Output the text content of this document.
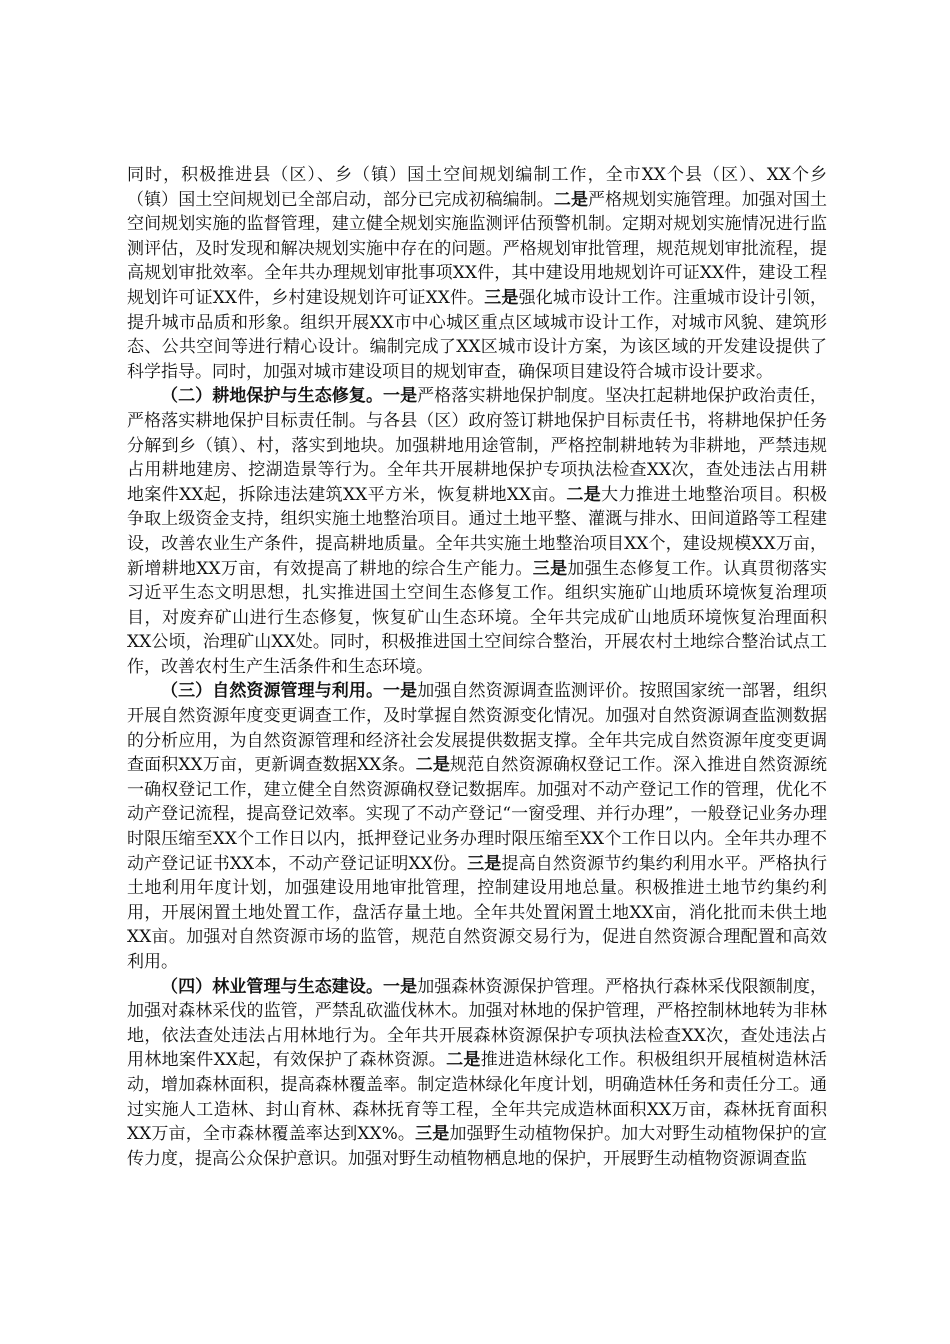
同时，积极推进县（区）、乡（镇）国土空间规划编制工作，全市XX个县（区）、XX个乡（镇）国土空间规划已全部启动，部分已完成初稿编制。二是严格规划实施管理。加强对国土空间规划实施的监督管理，建立健全规划实施监测评估预警机制。定期对规划实施情况进行监测评估，及时发现和解决规划实施中存在的问题。严格规划审批管理，规范规划审批流程，提高规划审批效率。全年共办理规划审批事项XX件，其中建设用地规划许可证XX件，建设工程规划许可证XX件，乡村建设规划许可证XX件。三是强化城市设计工作。注重城市设计引领，提升城市品质和形象。组织开展XX市中心城区重点区域城市设计工作，对城市风貌、建筑形态、公共空间等进行精心设计。编制完成了XX区城市设计方案，为该区域的开发建设提供了科学指导。同时，加强对城市建设项目的规划审查，确保项目建设符合城市设计要求。

（二）耕地保护与生态修复。一是严格落实耕地保护制度。坚决扛起耕地保护政治责任，严格落实耕地保护目标责任制。与各县（区）政府签订耕地保护目标责任书，将耕地保护任务分解到乡（镇）、村，落实到地块。加强耕地用途管制，严格控制耕地转为非耕地，严禁违规占用耕地建房、挖湖造景等行为。全年共开展耕地保护专项执法检查XX次，查处违法占用耕地案件XX起，拆除违法建筑XX平方米，恢复耕地XX亩。二是大力推进土地整治项目。积极争取上级资金支持，组织实施土地整治项目。通过土地平整、灌溉与排水、田间道路等工程建设，改善农业生产条件，提高耕地质量。全年共实施土地整治项目XX个，建设规模XX万亩，新增耕地XX万亩，有效提高了耕地的综合生产能力。三是加强生态修复工作。认真贯彻落实习近平生态文明思想，扎实推进国土空间生态修复工作。组织实施矿山地质环境恢复治理项目，对废弃矿山进行生态修复，恢复矿山生态环境。全年共完成矿山地质环境恢复治理面积XX公顷，治理矿山XX处。同时，积极推进国土空间综合整治，开展农村土地综合整治试点工作，改善农村生产生活条件和生态环境。

（三）自然资源管理与利用。一是加强自然资源调查监测评价。按照国家统一部署，组织开展自然资源年度变更调查工作，及时掌握自然资源变化情况。加强对自然资源调查监测数据的分析应用，为自然资源管理和经济社会发展提供数据支撑。全年共完成自然资源年度变更调查面积XX万亩，更新调查数据XX条。二是规范自然资源确权登记工作。深入推进自然资源统一确权登记工作，建立健全自然资源确权登记数据库。加强对不动产登记工作的管理，优化不动产登记流程，提高登记效率。实现了不动产登记“一窗受理、并行办理”，一般登记业务办理时限压缩至XX个工作日以内，抵押登记业务办理时限压缩至XX个工作日以内。全年共办理不动产登记证书XX本，不动产登记证明XX份。三是提高自然资源节约集约利用水平。严格执行土地利用年度计划，加强建设用地审批管理，控制建设用地总量。积极推进土地节约集约利用，开展闲置土地处置工作，盘活存量土地。全年共处置闲置土地XX亩，消化批而未供土地XX亩。加强对自然资源市场的监管，规范自然资源交易行为，促进自然资源合理配置和高效利用。

（四）林业管理与生态建设。一是加强森林资源保护管理。严格执行森林采伐限额制度，加强对森林采伐的监管，严禁乱砍滥伐林木。加强对林地的保护管理，严格控制林地转为非林地，依法查处违法占用林地行为。全年共开展森林资源保护专项执法检查XX次，查处违法占用林地案件XX起，有效保护了森林资源。二是推进造林绿化工作。积极组织开展植树造林活动，增加森林面积，提高森林覆盖率。制定造林绿化年度计划，明确造林任务和责任分工。通过实施人工造林、封山育林、森林抚育等工程，全年共完成造林面积XX万亩，森林抚育面积XX万亩，全市森林覆盖率达到XX%。三是加强野生动植物保护。加大对野生动植物保护的宣传力度，提高公众保护意识。加强对野生动植物栖息地的保护，开展野生动植物资源调查监
